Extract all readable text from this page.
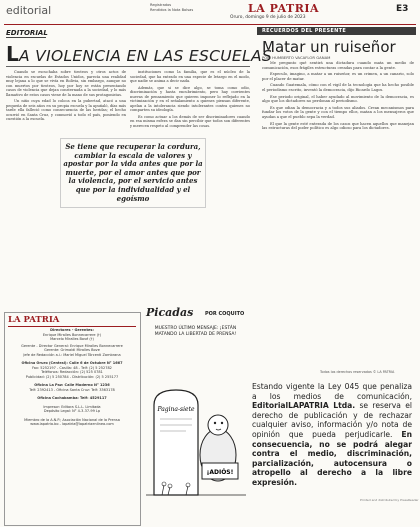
editorial	Registrados
Rendidos la Nota Bolsas	LA PATRIA
Oruro, domingo 9 de julio de 2023
E3
EDITORIAL
LA VIOLENCIA EN LAS ESCUELAS

Cuando se escuchaba sobre tiroteos y otros actos de violencia en escuelas de Estados Unidos, parecía una realidad muy lejana a lo que se vivía en Bolivia, sin embargo, aunque no con muertos por tiroteos, hoy por hoy se están presentando casos de violencia que dejan consternada a la sociedad, y lo más llamativo de estos casos viene de la mano de sus protagonistas.

Un niño cuya edad lo coloca en la pubertad, atacó a una pequeña de seis años en su propia escuela y la apuñaló, días más tarde ella falleció como consecuencia de las heridas; el hecho ocurrió en Santa Cruz, y conmovió a todo el país, poniendo en cuestión a la escuela.

instituciones como la familia, que es el núcleo de la sociedad, que ha entrado en una especie de letargo en el modo, que nadie se anima a decir nada.

Además, que si se dice algo, se toma como odio, discriminación y hasta encubrimiento, pero hay corrientes nuevas de pensamiento que quieren imponer lo reflejado en la victimización y en el señalamiento a quienes piensan diferente, apelan a la intolerancia siendo intolerantes contra quienes no comparten su ideología.

Es como actuar a los demás de ser discriminadores cuando en esa misma esfera se dan sin percibir que todos son diferentes y merecen respeto al comprender las cosas.

Se tiene que recuperar la cordura, cambiar la escala de valores y apostar por la vida antes que por la muerte, por el amor antes que por la violencia, por el servicio antes que por la individualidad y el egoísmo
RECUERDOS DEL PRESENTE
Matar un ruiseñor
POR: HUMBERTO VACAFLOR GANAM

Me pregunto qué sentirá una dictadura cuando mata un medio de comunicación, esos frágiles estructuras creadas para contar a la gente.

Especulo, imagino, a matar a un ruiseñor, es un crimen, a un canario, solo por el placer de matar.

Cuando Guatemala, cómo con el vigil de la tecnología que ha hecho posible el periodismo escrito, inventó la democracia, dijo Ricardo Lagos.

Ese periodo original, el haber ayudado al movimiento de la democracia, es algo que los dictadores no perdonan al periodismo.

Es que odian la democracia y a todos sus aliados. Crean mecanismos para fundar los votos de la gente y con el tiempo ellos, matan a los mensajeros que ayudan a que el pueblo sepa la verdad.

El que la gente esté enterada de los casos que hacen aquellos que manejan las estructuras del poder político es algo odioso para los dictadores.

Todos los derechos reservados © LA PATRIA
Estando vigente la Ley 045 que penaliza a los medios de comunicación, EditorialLAPATRIA Ltda. se reserva el derecho de publicación y de rechazar cualquier aviso, información y/o nota de opinión que pueda perjudicarle. En consecuencia, no se podrá alegar contra el medio, discriminación, parcialización, autocensura o atropello al derecho a la libre expresión.
LA PATRIA
Directores - Gerentes:
Enrique Miralles Bonnecarrere (†)
Marcelo Miralles Bové (†)
Gerente - Director General: Enrique Miralles Bonnecarrere
Gerente: Grimaldi Miralles Bove
Jefe de Redacción a.i.: Mariel Miguel Tórcenti Zambrana
Oficina Oruro (Central): Calle 6 de Octubre N° 1667
Fax: 5252197 - Casilla: 48 - Telf: (2) 5 252782
Teléfonos: Redacción: (2) 525 0781
Publicidad: (2) 5 250784 - Distribución: (2) 5 255177
Oficina La Paz: Calle Moderno N° 1236
Telf: 2392413 - Oficina Santa Cruz: Telf: 3363178
Oficina Cochabamba: Telf: 4529117
Impresor: Editora S.L.L. Limitada
Depósito Legal: N° 4-3-37-99 Lp
Miembro de la A.N.P.; Asociación Nacional de la Prensa
www.lapatria.bo - lapatria@lapatriaenlinea.com
Picadas POR COQUITO
MUESTRO ÚLTIMO MENSAJE: ¡ESTÁN MATANDO LA LIBERTAD DE PRENSA!
Pagina-siete
¡ADIÓS!
Printed and distributed by PressReader
